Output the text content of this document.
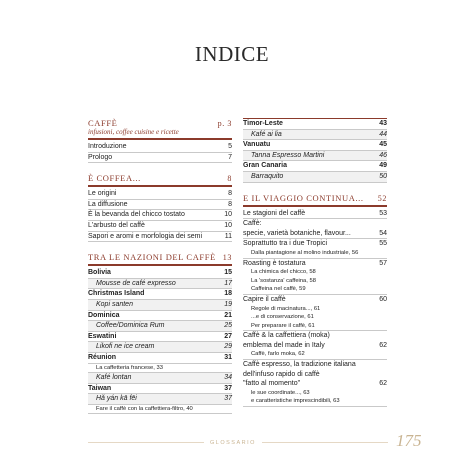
INDICE
CAFFÈ
infusioni, coffee cuisine e ricette
p. 3
Introduzione	5
Prologo	7
È COFFEA...	8
Le origini	8
La diffusione	8
È la bevanda del chicco tostato	10
L'arbusto del caffè	10
Sapori e aromi e morfologia dei semi	11
TRA LE NAZIONI DEL CAFFÈ 13
Bolivia	15
Mousse de café expresso	17
Christmas Island	18
Kopi santen	19
Dominica	21
Coffee/Dominica Rum	25
Eswatini	27
Likofi ne ice cream	29
Réunion	31
La caffetteria francese, 33
Kafé lontan	34
Taiwan	37
Hǎ yán kā fēi	37
Fare il caffè con la caffettiera-filtro, 40
Timor-Leste	43
Kafé ai lia	44
Vanuatu	45
Tanna Espresso Martini	46
Gran Canaria	49
Barraquito	50
E IL VIAGGIO CONTINUA... 52
Le stagioni del caffè	53
Caffè:
specie, varietà botaniche, flavour...	54
Soprattutto tra i due Tropici	55
Dalla piantagione al molino industriale, 56
Roasting è tostatura	57
La chimica del chicco, 58
La 'sostanza' caffeina, 58
Caffeina nel caffè, 59
Capire il caffè	60
Regole di macinatura..., 61
...e di conservazione, 61
Per preparare il caffè, 61
Caffè & la caffettiera (moka)
emblema del made in Italy	62
Caffè, farlo moka, 62
Caffè espresso, la tradizione italiana
dell'infuso rapido di caffè
"fatto al momento"	62
le sue coordinate..., 63
e caratteristiche imprescindibili, 63
GLOSSARIO	175
